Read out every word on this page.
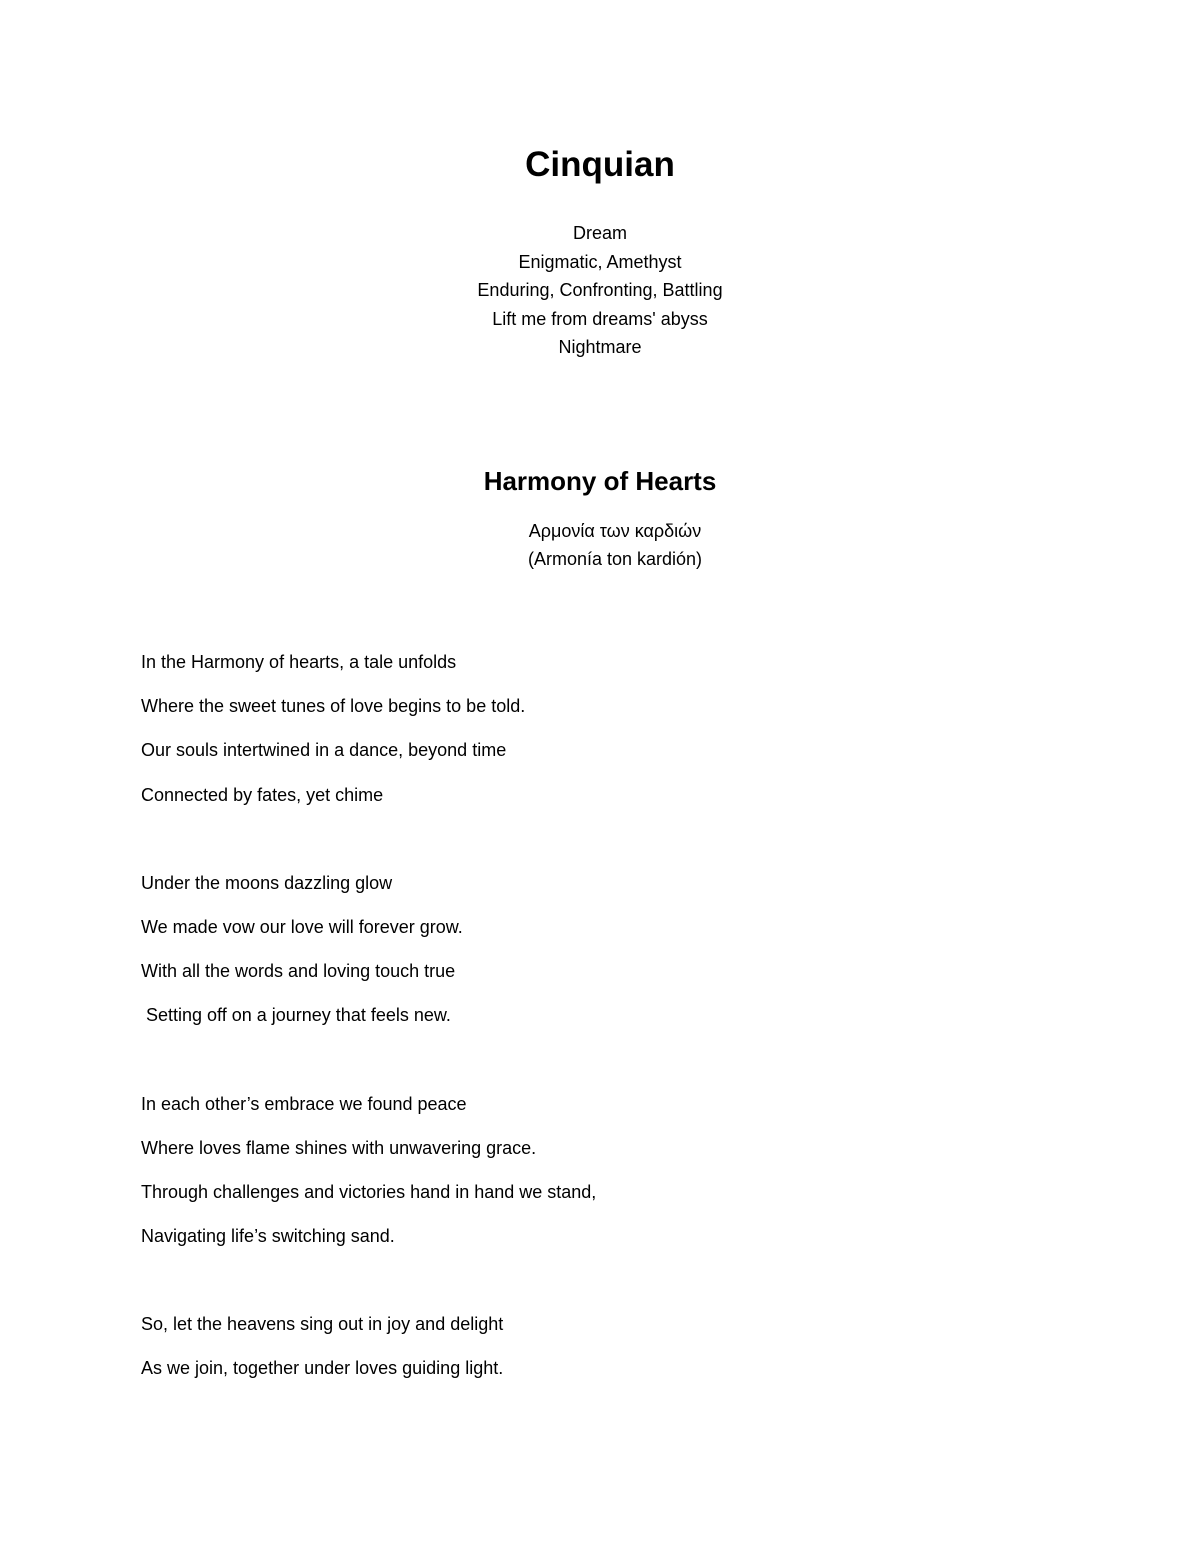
Cinquian
Dream
Enigmatic, Amethyst
Enduring, Confronting, Battling
Lift me from dreams' abyss
Nightmare
Harmony of Hearts
Αρμονία των καρδιών
(Armonía ton kardión)
In the Harmony of hearts, a tale unfolds
Where the sweet tunes of love begins to be told.
Our souls intertwined in a dance, beyond time
Connected by fates, yet chime
Under the moons dazzling glow
We made vow our love will forever grow.
With all the words and loving touch true
Setting off on a journey that feels new.
In each other’s embrace we found peace
Where loves flame shines with unwavering grace.
Through challenges and victories hand in hand we stand,
Navigating life’s switching sand.
So, let the heavens sing out in joy and delight
As we join, together under loves guiding light.
